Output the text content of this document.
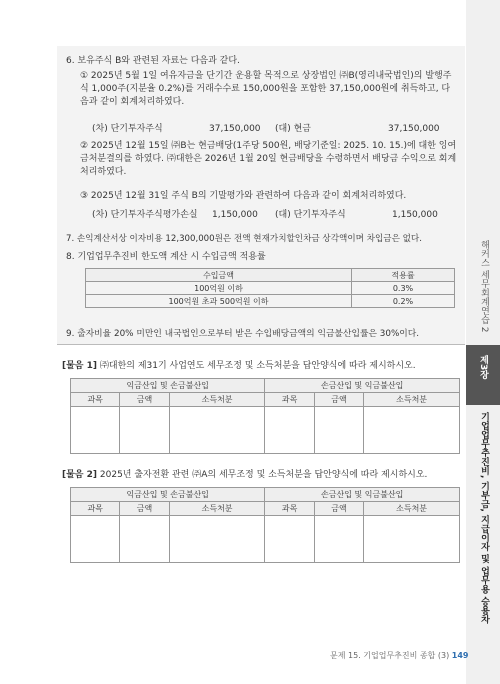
6. 보유주식 B와 관련된 자료는 다음과 같다.
① 2025년 5월 1일 여유자금을 단기간 운용할 목적으로 상장법인 ㈜B(영리내국법인)의 발행주식 1,000주(지분율 0.2%)를 거래수수료 150,000원을 포함한 37,150,000원에 취득하고, 다음과 같이 회계처리하였다.
(차) 단기투자주식	37,150,000 (대) 현금	37,150,000
② 2025년 12월 15일 ㈜B는 현금배당(1주당 500원, 배당기준일: 2025. 10. 15.)에 대한 잉여금처분결의를 하였다. ㈜대한은 2026년 1월 20일 현금배당을 수령하면서 배당금 수익으로 회계처리하였다.
③ 2025년 12월 31일 주식 B의 기말평가와 관련하여 다음과 같이 회계처리하였다.
(차) 단기투자주식평가손실 1,150,000 (대) 단기투자주식	1,150,000
7. 손익계산서상 이자비용 12,300,000원은 전액 현재가치할인차금 상각액이며 차입금은 없다.
8. 기업업무추진비 한도액 계산 시 수입금액 적용률
수입금액	적용률
100억원 이하	0.3%
100억원 초과 500억원 이하	0.2%
9. 출자비율 20% 미만인 내국법인으로부터 받은 수입배당금액의 익금불산입률은 30%이다.
[물음 1] ㈜대한의 제31기 사업연도 세무조정 및 소득처분을 답안양식에 따라 제시하시오.
익금산입 및 손금불산입			손금산입 및 익금불산입		
과목	금액	소득처분	과목	금액	소득처분

[물음 2] 2025년 출자전환 관련 ㈜A의 세무조정 및 소득처분을 답안양식에 따라 제시하시오.
익금산입 및 손금불산입			손금산입 및 익금불산입		
과목	금액	소득처분	과목	금액	소득처분

해커스 세무회계연습 2
제3장
기업업무추진비, 기부금, 지급이자 및 업무용 승용차
문제 15. 기업업무추진비 종합 (3) 149
